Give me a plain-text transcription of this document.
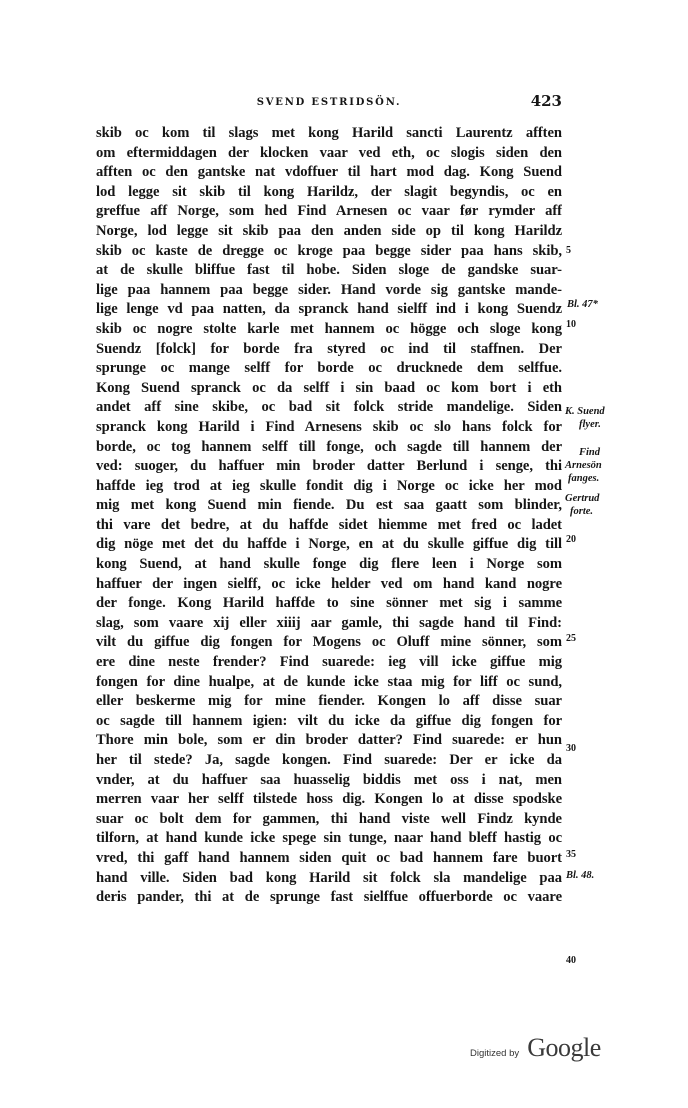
SVEND ESTRIDSÖN.	423
skib oc kom til slags met kong Harild sancti Laurentz afften
om eftermiddagen der klocken vaar ved eth, oc slogis siden den
afften oc den gantske nat vdoffuer til hart mod dag. Kong Suend
lod legge sit skib til kong Harildz, der slagit begyndis, oc en
greffue aff Norge, som hed Find Arnesen oc vaar før rymder aff
Norge, lod legge sit skib paa den anden side op til kong Harildz
skib oc kaste de dregge oc kroge paa begge sider paa hans skib,
at de skulle bliffue fast til hobe. Siden sloge de gandske suar-
lige paa hannem paa begge sider. Hand vorde sig gantske mande-
lige lenge vd paa natten, da spranck hand sielff ind i kong Suendz
skib oc nogre stolte karle met hannem oc högge och sloge kong
Suendz [folck] for borde fra styred oc ind til staffnen. Der
sprunge oc mange selff for borde oc drucknede dem selffue.
Kong Suend spranck oc da selff i sin baad oc kom bort i eth
andet aff sine skibe, oc bad sit folck stride mandelige. Siden
spranck kong Harild i Find Arnesens skib oc slo hans folck for
borde, oc tog hannem selff till fonge, och sagde till hannem der
ved: suoger, du haffuer min broder datter Berlund i senge, thi
haffde ieg trod at ieg skulle fondit dig i Norge oc icke her mod
mig met kong Suend min fiende. Du est saa gaatt som blinder,
thi vare det bedre, at du haffde sidet hiemme met fred oc ladet
dig nöge met det du haffde i Norge, en at du skulle giffue dig till
kong Suend, at hand skulle fonge dig flere leen i Norge som
haffuer der ingen sielff, oc icke helder ved om hand kand nogre
der fonge. Kong Harild haffde to sine sönner met sig i samme
slag, som vaare xij eller xiiij aar gamle, thi sagde hand til Find:
vilt du giffue dig fongen for Mogens oc Oluff mine sönner, som
ere dine neste frender? Find suarede: ieg vill icke giffue mig
fongen for dine hualpe, at de kunde icke staa mig for liff oc sund,
eller beskerme mig for mine fiender. Kongen lo aff disse suar
oc sagde till hannem igien: vilt du icke da giffue dig fongen for
Thore min bole, som er din broder datter? Find suarede: er hun
her til stede? Ja, sagde kongen. Find suarede: Der er icke da
vnder, at du haffuer saa huasselig biddis met oss i nat, men
merren vaar her selff tilstede hoss dig. Kongen lo at disse spodske
suar oc bolt dem for gammen, thi hand viste well Findz kynde
tilforn, at hand kunde icke spege sin tunge, naar hand bleff hastig oc
vred, thi gaff hand hannem siden quit oc bad hannem fare buort
hand ville. Siden bad kong Harild sit folck sla mandelige paa
deris pander, thi at de sprunge fast sielffue offuerborde oc vaare
5
10
20
25
30
35
40
Bl. 47*
K. Suend
flyer.
Find
Arnesön
fanges.
Gertrud
forte.
Bl. 48.
Digitized by Google
